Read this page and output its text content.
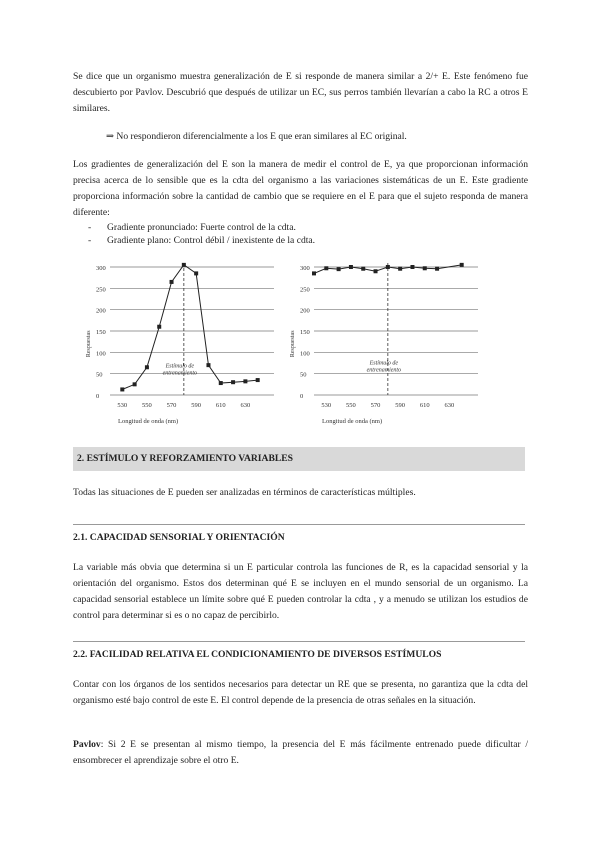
Se dice que un organismo muestra generalización de E si responde de manera similar a 2/+ E. Este fenómeno fue descubierto por Pavlov. Descubrió que después de utilizar un EC, sus perros también llevarían a cabo la RC a otros E similares.
⇒ No respondieron diferencialmente a los E que eran similares al EC original.
Los gradientes de generalización del E son la manera de medir el control de E, ya que proporcionan información precisa acerca de lo sensible que es la cdta del organismo a las variaciones sistemáticas de un E. Este gradiente proporciona información sobre la cantidad de cambio que se requiere en el E para que el sujeto responda de manera diferente:
- Gradiente pronunciado: Fuerte control de la cdta.
- Gradiente plano: Control débil / inexistente de la cdta.
0
50
100
150
200
250
300
530 550 570 590 610 630
Longitud de onda (nm)
Respuestas
Estímulo de entrenamiento
0
50
100
150
200
250
300
530 550 570 590 610 630
Longitud de onda (nm)
Respuestas
Estímulo de entrenamiento
2. ESTÍMULO Y REFORZAMIENTO VARIABLES
Todas las situaciones de E pueden ser analizadas en términos de características múltiples.
2.1. CAPACIDAD SENSORIAL Y ORIENTACIÓN
La variable más obvia que determina si un E particular controla las funciones de R, es la capacidad sensorial y la orientación del organismo. Estos dos determinan qué E se incluyen en el mundo sensorial de un organismo. La capacidad sensorial establece un límite sobre qué E pueden controlar la cdta , y a menudo se utilizan los estudios de control para determinar si es o no capaz de percibirlo.
2.2. FACILIDAD RELATIVA EL CONDICIONAMIENTO DE DIVERSOS ESTÍMULOS
Contar con los órganos de los sentidos necesarios para detectar un RE que se presenta, no garantiza que la cdta del organismo esté bajo control de este E. El control depende de la presencia de otras señales en la situación.
Pavlov: Si 2 E se presentan al mismo tiempo, la presencia del E más fácilmente entrenado puede dificultar / ensombrecer el aprendizaje sobre el otro E.
